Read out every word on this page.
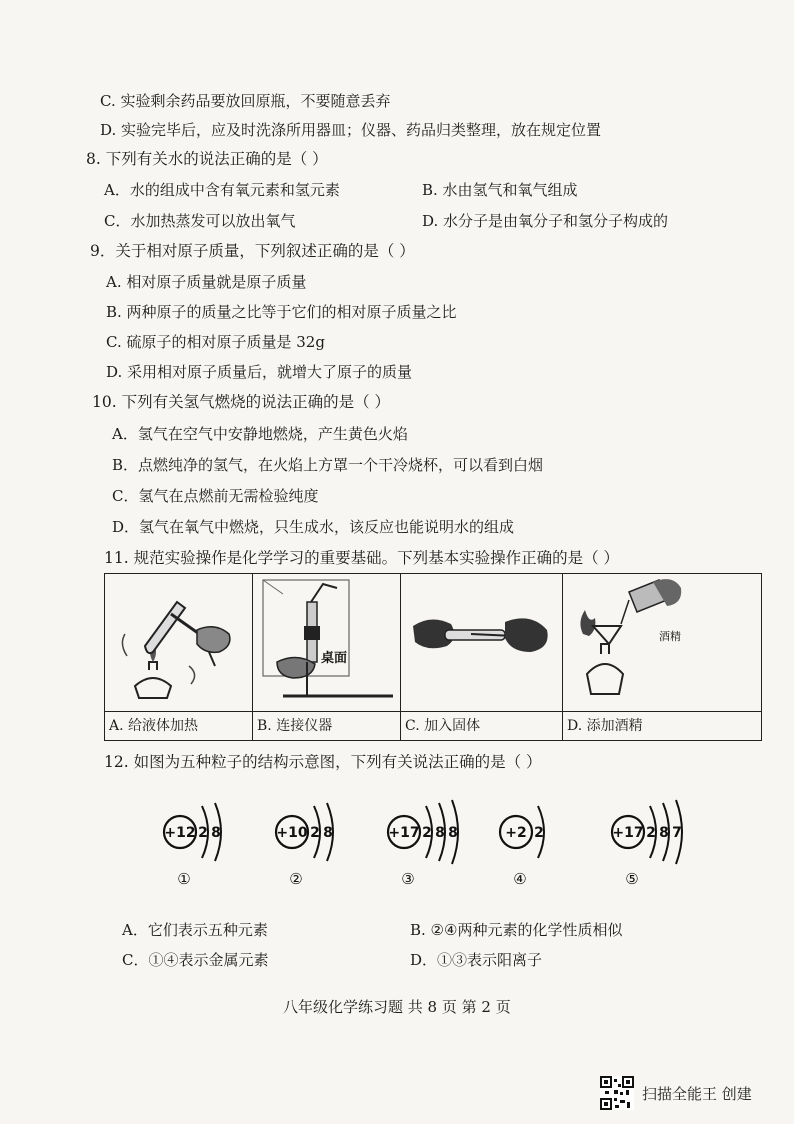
C. 实验剩余药品要放回原瓶，不要随意丢弃
D. 实验完毕后，应及时洗涤所用器皿；仪器、药品归类整理，放在规定位置
8. 下列有关水的说法正确的是（ ）
A．水的组成中含有氧元素和氢元素	B. 水由氢气和氧气组成
C．水加热蒸发可以放出氧气	D. 水分子是由氧分子和氢分子构成的
9．关于相对原子质量，下列叙述正确的是（ ）
A. 相对原子质量就是原子质量
B. 两种原子的质量之比等于它们的相对原子质量之比
C. 硫原子的相对原子质量是 32g
D. 采用相对原子质量后，就增大了原子的质量
10. 下列有关氢气燃烧的说法正确的是（ ）
A．氢气在空气中安静地燃烧，产生黄色火焰
B．点燃纯净的氢气，在火焰上方罩一个干冷烧杯，可以看到白烟
C．氢气在点燃前无需检验纯度
D．氢气在氧气中燃烧，只生成水，该反应也能说明水的组成
11. 规范实验操作是化学学习的重要基础。下列基本实验操作正确的是（ ）
桌面
酒精
A. 给液体加热	B. 连接仪器	C. 加入固体	D. 添加酒精
12. 如图为五种粒子的结构示意图，下列有关说法正确的是（ ）
+12 2 8
①
+10 2 8
②
+17 2 8 8
③
+2 2
④
+17 2 8 7
⑤
A．它们表示五种元素	B. ②④两种元素的化学性质相似
C．①④表示金属元素	D．①③表示阳离子
八年级化学练习题 共 8 页 第 2 页
扫描全能王 创建
